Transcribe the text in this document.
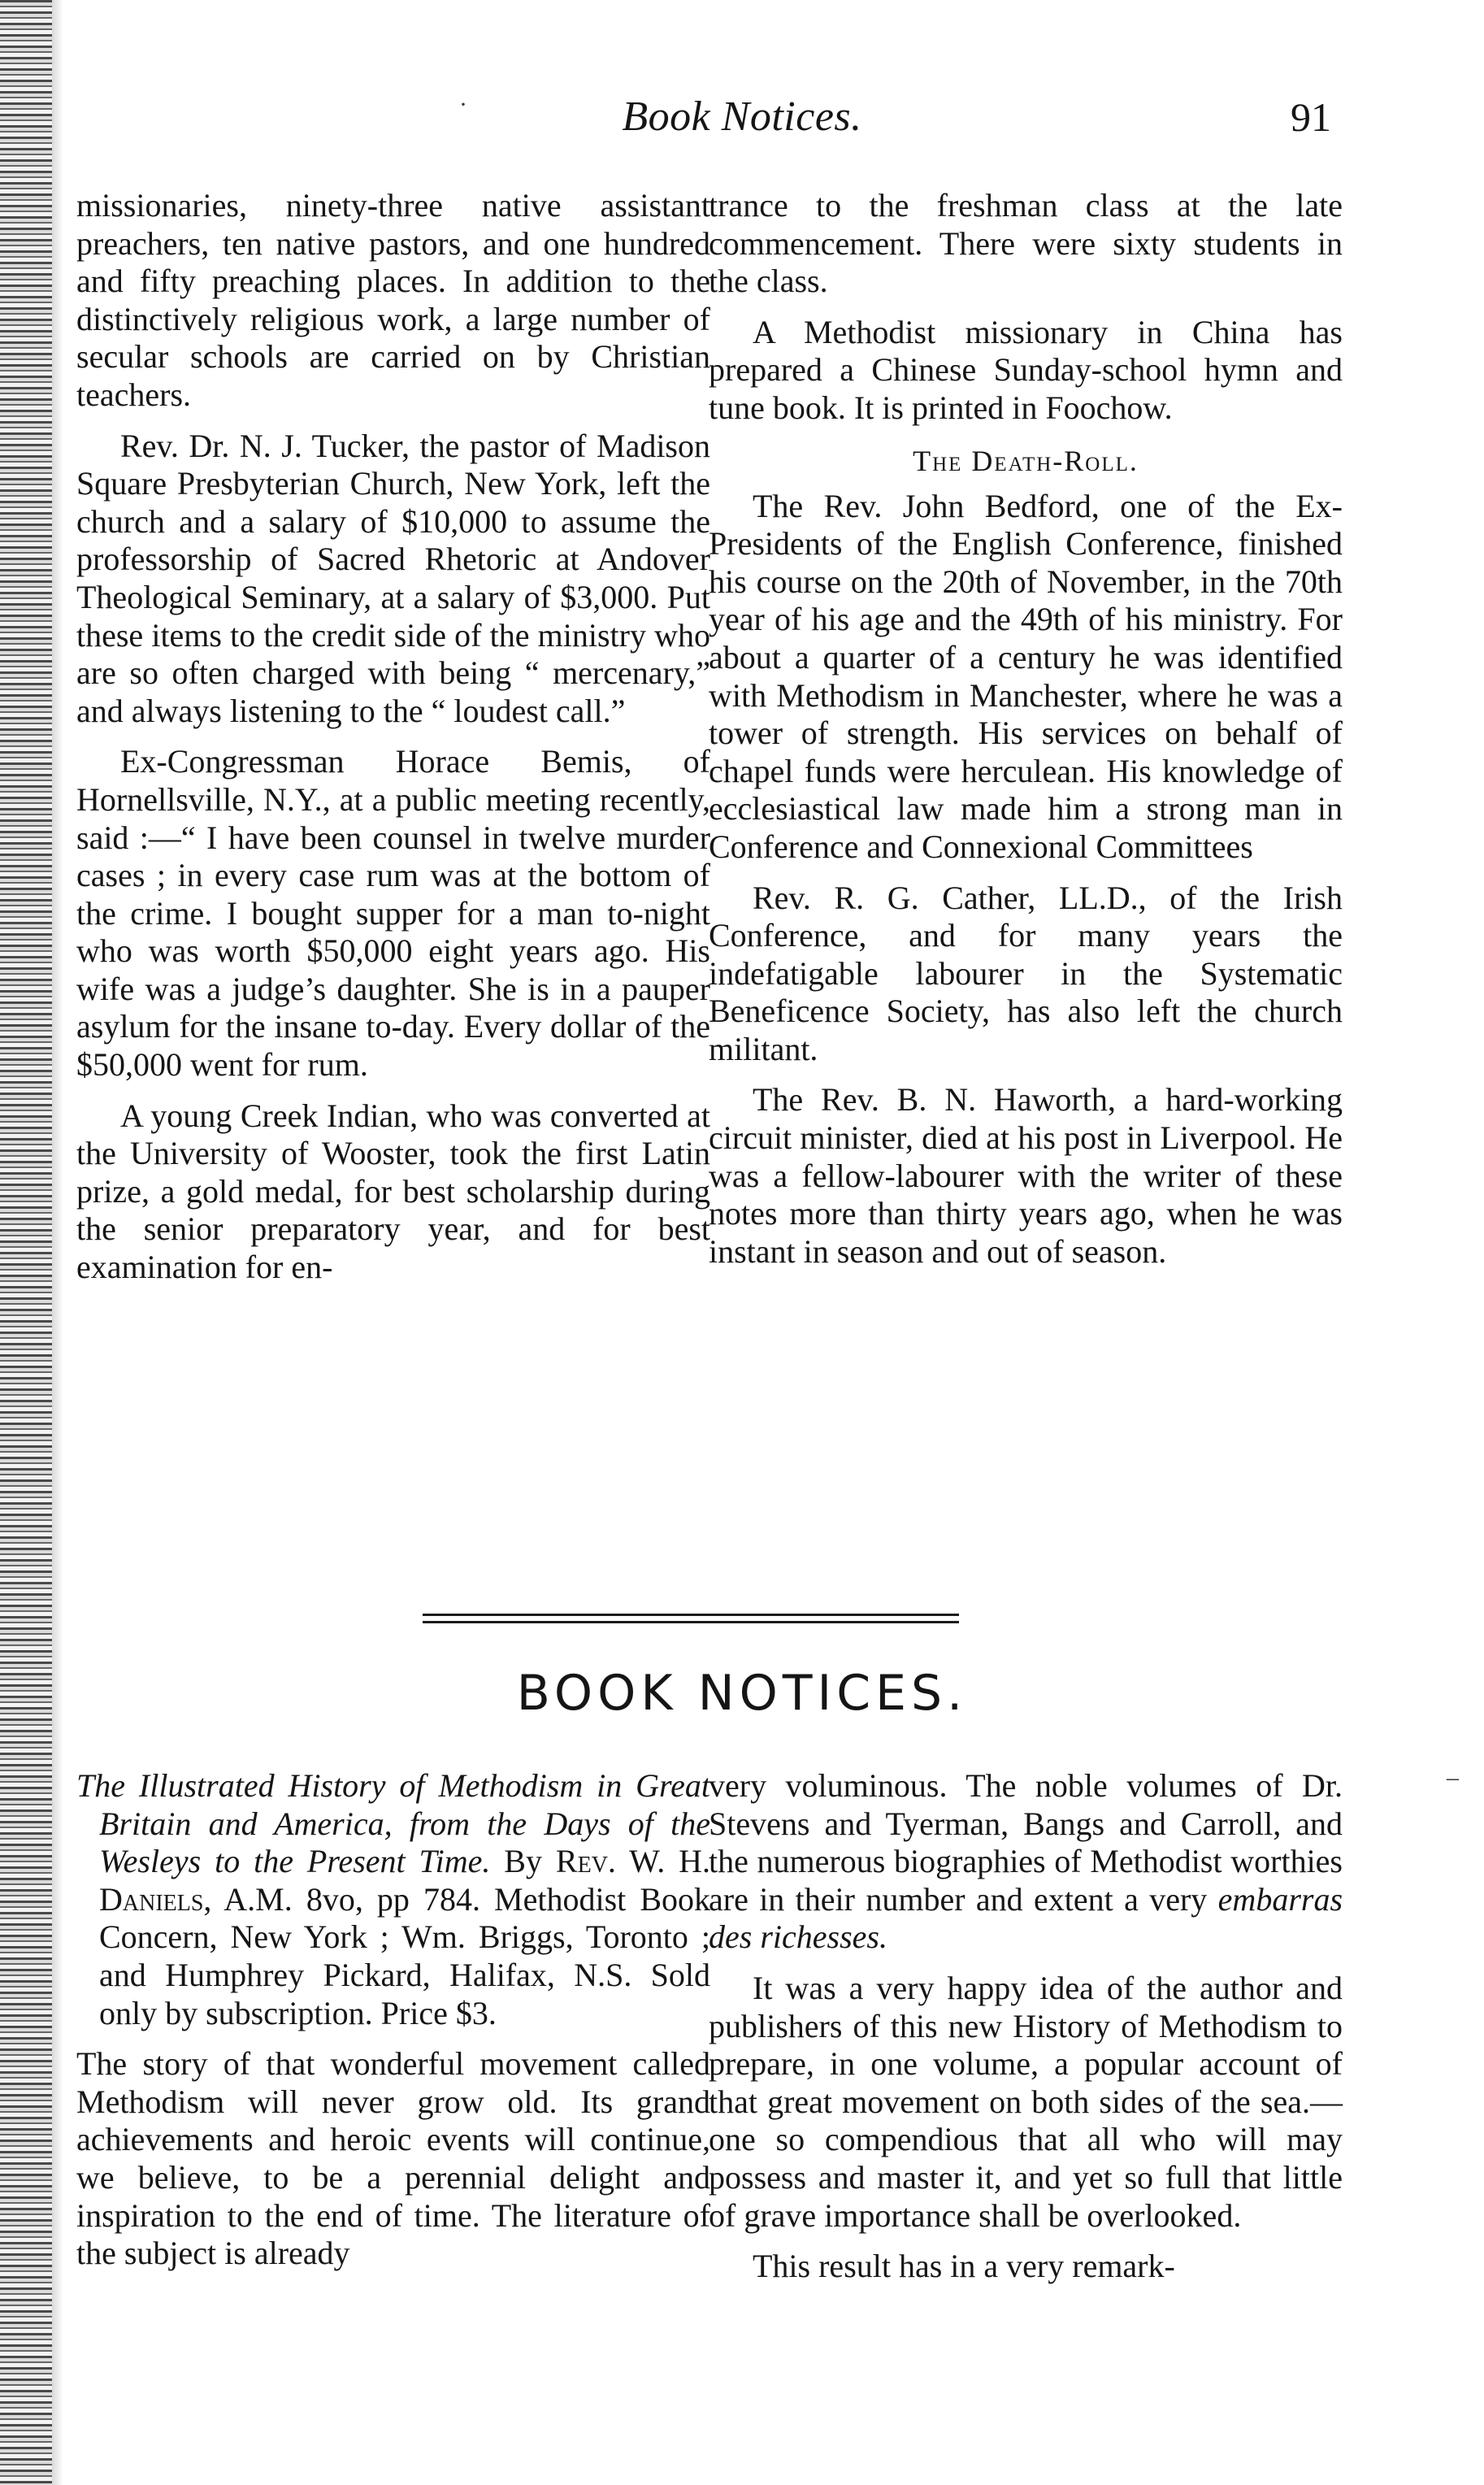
Book Notices.	91

missionaries, ninety-three native assistant preachers, ten native pastors, and one hundred and fifty preaching places. In addition to the distinctively religious work, a large number of secular schools are carried on by Christian teachers.

Rev. Dr. N. J. Tucker, the pastor of Madison Square Presbyterian Church, New York, left the church and a salary of $10,000 to assume the professorship of Sacred Rhetoric at Andover Theological Seminary, at a salary of $3,000. Put these items to the credit side of the ministry who are so often charged with being “ mercenary,” and always listening to the “ loudest call.”

Ex-Congressman Horace Bemis, of Hornellsville, N.Y., at a public meeting recently, said :—“ I have been counsel in twelve murder cases ; in every case rum was at the bottom of the crime. I bought supper for a man to-night who was worth $50,000 eight years ago. His wife was a judge’s daughter. She is in a pauper asylum for the insane to-day. Every dollar of the $50,000 went for rum.

A young Creek Indian, who was converted at the University of Wooster, took the first Latin prize, a gold medal, for best scholarship during the senior preparatory year, and for best examination for en-

trance to the freshman class at the late commencement. There were sixty students in the class.

A Methodist missionary in China has prepared a Chinese Sunday-school hymn and tune book. It is printed in Foochow.

The Death-Roll.

The Rev. John Bedford, one of the Ex-Presidents of the English Conference, finished his course on the 20th of November, in the 70th year of his age and the 49th of his ministry. For about a quarter of a century he was identified with Methodism in Manchester, where he was a tower of strength. His services on behalf of chapel funds were herculean. His knowledge of ecclesiastical law made him a strong man in Conference and Connexional Committees

Rev. R. G. Cather, LL.D., of the Irish Conference, and for many years the indefatigable labourer in the Systematic Beneficence Society, has also left the church militant.

The Rev. B. N. Haworth, a hard-working circuit minister, died at his post in Liverpool. He was a fellow-labourer with the writer of these notes more than thirty years ago, when he was instant in season and out of season.

BOOK NOTICES.

The Illustrated History of Methodism in Great Britain and America, from the Days of the Wesleys to the Present Time. By Rev. W. H. Daniels, A.M. 8vo, pp 784. Methodist Book Concern, New York ; Wm. Briggs, Toronto ; and Humphrey Pickard, Halifax, N.S. Sold only by subscription. Price $3.

The story of that wonderful movement called Methodism will never grow old. Its grand achievements and heroic events will continue, we believe, to be a perennial delight and inspiration to the end of time. The literature of the subject is already

very voluminous. The noble volumes of Dr. Stevens and Tyerman, Bangs and Carroll, and the numerous biographies of Methodist worthies are in their number and extent a very embarras des richesses.

It was a very happy idea of the author and publishers of this new History of Methodism to prepare, in one volume, a popular account of that great movement on both sides of the sea.—one so compendious that all who will may possess and master it, and yet so full that little of grave importance shall be overlooked.

This result has in a very remark-

·
–
